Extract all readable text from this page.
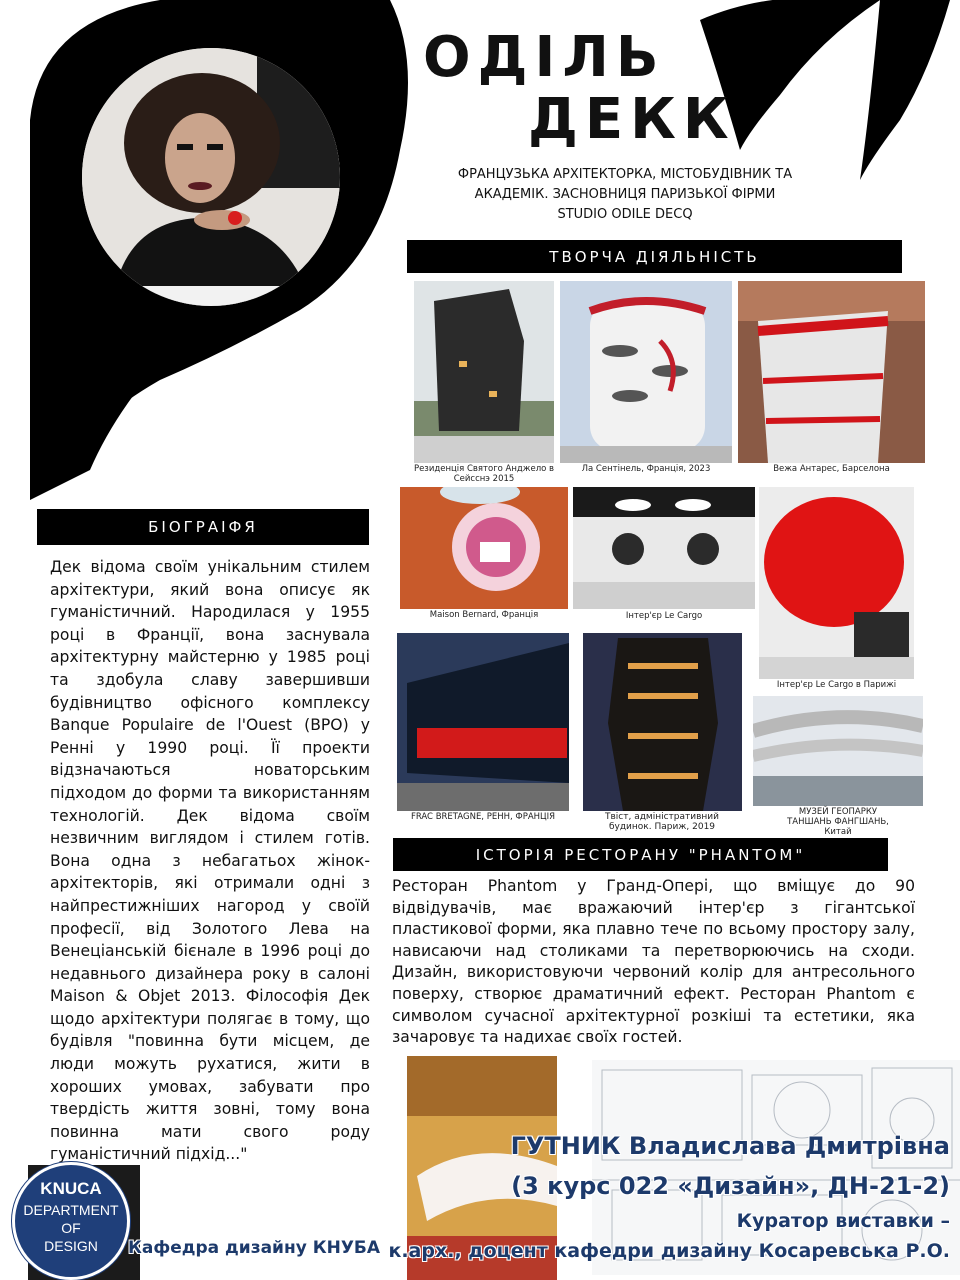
ОДІЛЬ
ДЕКК
ФРАНЦУЗЬКА АРХІТЕКТОРКА, МІСТОБУДІВНИК ТА
АКАДЕМІК. ЗАСНОВНИЦЯ ПАРИЗЬКОЇ ФІРМИ
STUDIO ODILE DECQ
ТВОРЧА ДІЯЛЬНІСТЬ
БІОГРАІФЯ
ІСТОРІЯ РЕСТОРАНУ "PHANTOM"
Резиденція Святого Анджело в Сейсснэ 2015
Ла Сентінель, Франція, 2023	Вежа Антарес, Барселона
Maison Bernard, Франція	Інтер'єр Le Cargo
Інтер'єр Le Cargo в Парижі
FRAC BRETAGNE, РЕНН, ФРАНЦІЯ	Твіст, адміністративний будинок. Париж, 2019
МУЗЕЙ ГЕОПАРКУ ТАНШАНЬ ФАНГШАНЬ, Китай
Дек відома своїм унікальним стилем архітектури, який вона описує як гуманістичний. Народилася у 1955 році в Франції, вона заснувала архітектурну майстерню у 1985 році та здобула славу завершивши будівництво офісного комплексу Banque Populaire de l'Ouest (BPO) у Ренні у 1990 році. Її проекти відзначаються новаторським підходом до форми та використанням технологій. Дек відома своїм незвичним виглядом і стилем готів. Вона одна з небагатьох жінок-архітекторів, які отримали одні з найпрестижніших нагород у своїй професії, від Золотого Лева на Венеціанській бієнале в 1996 році до недавнього дизайнера року в салоні Maison & Objet 2013. Філософія Дек щодо архітектури полягає в тому, що будівля "повинна бути місцем, де люди можуть рухатися, жити в хороших умовах, забувати про твердість життя зовні, тому вона повинна мати свого роду гуманістичний підхід..."
Ресторан Phantom у Гранд-Опері, що вміщує до 90 відвідувачів, має вражаючий інтер'єр з гігантської пластикової форми, яка плавно тече по всьому простору залу, нависаючи над столиками та перетворюючись на сходи. Дизайн, використовуючи червоний колір для антресольного поверху, створює драматичний ефект. Ресторан Phantom є символом сучасної архітектурної розкіші та естетики, яка зачаровує та надихає своїх гостей.
KNUCA
DEPARTMENT
OF
DESIGN	Кафедра дизайну КНУБА
ГУТНИК Владислава Дмитрівна
(3 курс 022 «Дизайн», ДН-21-2)
Куратор виставки –
к.арх., доцент кафедри дизайну Косаревська Р.О.
